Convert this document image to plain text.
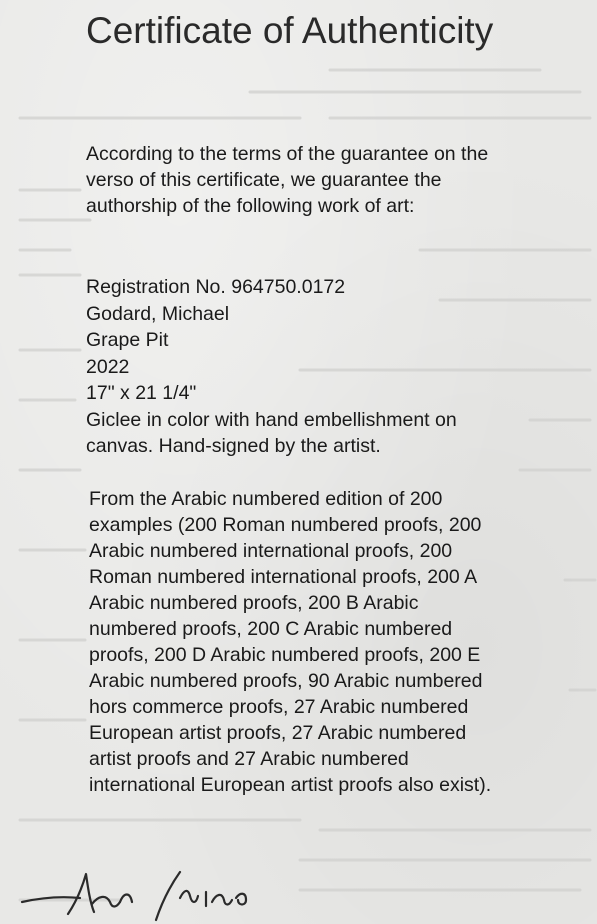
Certificate of Authenticity
According to the terms of the guarantee on the
verso of this certificate, we guarantee the
authorship of the following work of art:
Registration No. 964750.0172
Godard, Michael
Grape Pit
2022
17" x 21 1/4"
Giclee in color with hand embellishment on
canvas. Hand-signed by the artist.
From the Arabic numbered edition of 200
examples (200 Roman numbered proofs, 200
Arabic numbered international proofs, 200
Roman numbered international proofs, 200 A
Arabic numbered proofs, 200 B Arabic
numbered proofs, 200 C Arabic numbered
proofs, 200 D Arabic numbered proofs, 200 E
Arabic numbered proofs, 90 Arabic numbered
hors commerce proofs, 27 Arabic numbered
European artist proofs, 27 Arabic numbered
artist proofs and 27 Arabic numbered
international European artist proofs also exist).
